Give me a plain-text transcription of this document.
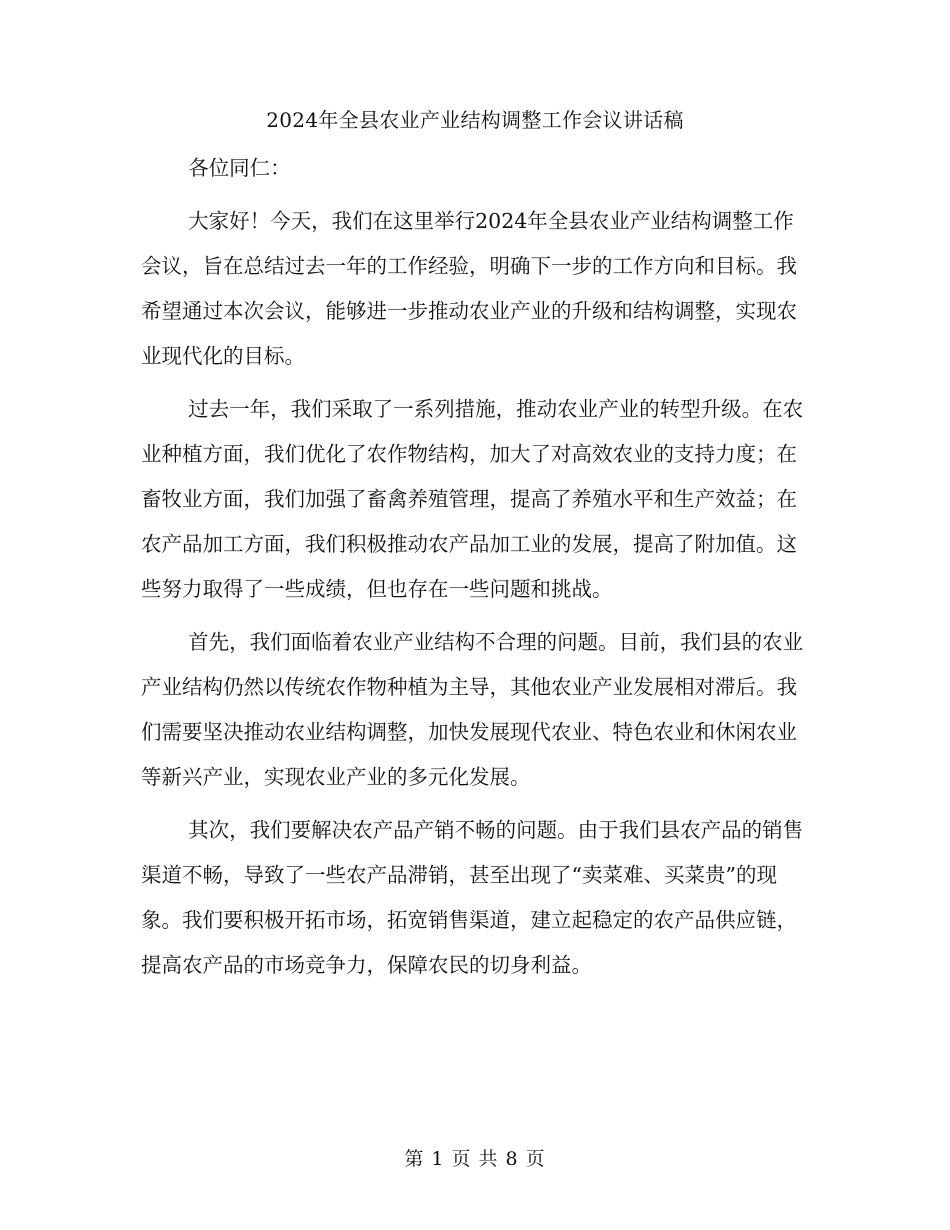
2024年全县农业产业结构调整工作会议讲话稿

各位同仁：

大家好！今天，我们在这里举行2024年全县农业产业结构调整工作会议，旨在总结过去一年的工作经验，明确下一步的工作方向和目标。我希望通过本次会议，能够进一步推动农业产业的升级和结构调整，实现农业现代化的目标。

过去一年，我们采取了一系列措施，推动农业产业的转型升级。在农业种植方面，我们优化了农作物结构，加大了对高效农业的支持力度；在畜牧业方面，我们加强了畜禽养殖管理，提高了养殖水平和生产效益；在农产品加工方面，我们积极推动农产品加工业的发展，提高了附加值。这些努力取得了一些成绩，但也存在一些问题和挑战。

首先，我们面临着农业产业结构不合理的问题。目前，我们县的农业产业结构仍然以传统农作物种植为主导，其他农业产业发展相对滞后。我们需要坚决推动农业结构调整，加快发展现代农业、特色农业和休闲农业等新兴产业，实现农业产业的多元化发展。

其次，我们要解决农产品产销不畅的问题。由于我们县农产品的销售渠道不畅，导致了一些农产品滞销，甚至出现了“卖菜难、买菜贵”的现象。我们要积极开拓市场，拓宽销售渠道，建立起稳定的农产品供应链，提高农产品的市场竞争力，保障农民的切身利益。

第 1 页 共 8 页
